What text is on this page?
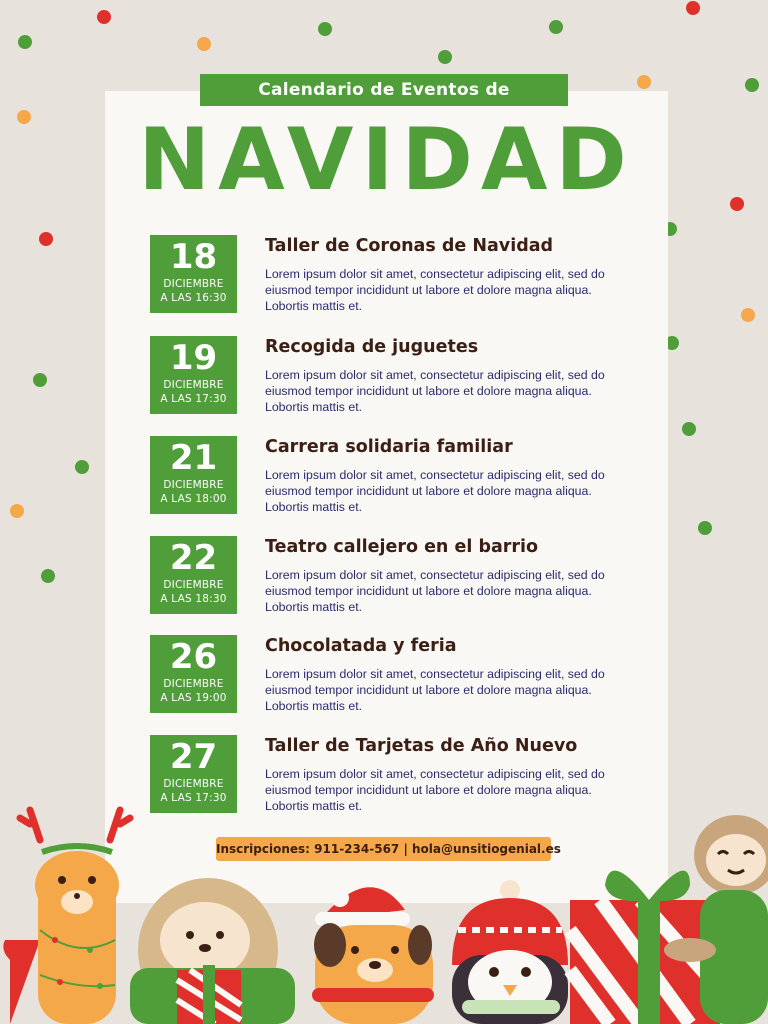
Calendario de Eventos de
NAVIDAD
18
DICIEMBRE
A LAS 16:30
Taller de Coronas de Navidad
Lorem ipsum dolor sit amet, consectetur adipiscing elit, sed do eiusmod tempor incididunt ut labore et dolore magna aliqua. Lobortis mattis et.
19
DICIEMBRE
A LAS 17:30
Recogida de juguetes
Lorem ipsum dolor sit amet, consectetur adipiscing elit, sed do eiusmod tempor incididunt ut labore et dolore magna aliqua. Lobortis mattis et.
21
DICIEMBRE
A LAS 18:00
Carrera solidaria familiar
Lorem ipsum dolor sit amet, consectetur adipiscing elit, sed do eiusmod tempor incididunt ut labore et dolore magna aliqua. Lobortis mattis et.
22
DICIEMBRE
A LAS 18:30
Teatro callejero en el barrio
Lorem ipsum dolor sit amet, consectetur adipiscing elit, sed do eiusmod tempor incididunt ut labore et dolore magna aliqua. Lobortis mattis et.
26
DICIEMBRE
A LAS 19:00
Chocolatada y feria
Lorem ipsum dolor sit amet, consectetur adipiscing elit, sed do eiusmod tempor incididunt ut labore et dolore magna aliqua. Lobortis mattis et.
27
DICIEMBRE
A LAS 17:30
Taller de Tarjetas de Año Nuevo
Lorem ipsum dolor sit amet, consectetur adipiscing elit, sed do eiusmod tempor incididunt ut labore et dolore magna aliqua. Lobortis mattis et.
Inscripciones: 911-234-567 | hola@unsitiogenial.es
